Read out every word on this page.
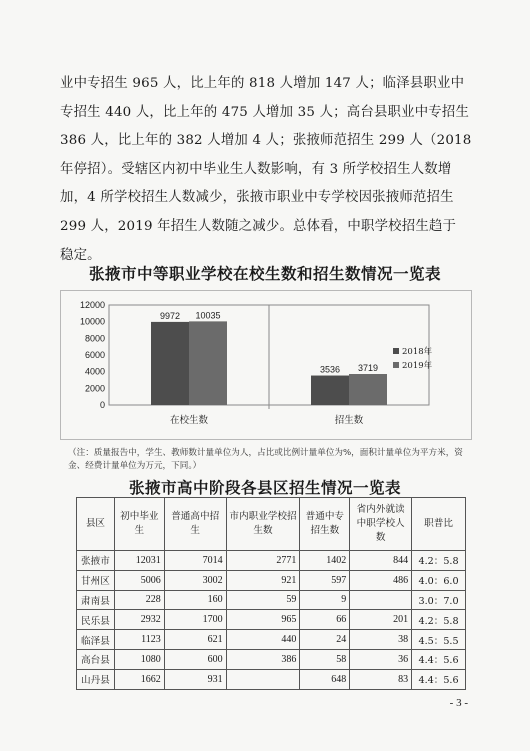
业中专招生 965 人，比上年的 818 人增加 147 人；临泽县职业中
专招生 440 人，比上年的 475 人增加 35 人；高台县职业中专招生
386 人，比上年的 382 人增加 4 人；张掖师范招生 299 人（2018
年停招）。受辖区内初中毕业生人数影响，有 3 所学校招生人数增
加，4 所学校招生人数减少，张掖市职业中专学校因张掖师范招生
299 人，2019 年招生人数随之减少。总体看，中职学校招生趋于
稳定。
张掖市中等职业学校在校生数和招生数情况一览表
0
2000
4000
6000
8000
10000
12000
9972 10035
在校生数
3536 3719
招生数
2018年
2019年
（注：质量报告中，学生、教师数计量单位为人，占比或比例计量单位为%，面积计量单位为平方米，资金、经费计量单位为万元，下同。）
张掖市高中阶段各县区招生情况一览表
县区	初中毕业生	普通高中招生	市内职业学校招生数	普通中专招生数	省内外就读中职学校人数	职普比
张掖市	12031	7014	2771	1402	844	4.2：5.8
甘州区	5006	3002	921	597	486	4.0：6.0
肃南县	228	160	59	9		3.0：7.0
民乐县	2932	1700	965	66	201	4.2：5.8
临泽县	1123	621	440	24	38	4.5：5.5
高台县	1080	600	386	58	36	4.4：5.6
山丹县	1662	931		648	83	4.4：5.6
- 3 -
